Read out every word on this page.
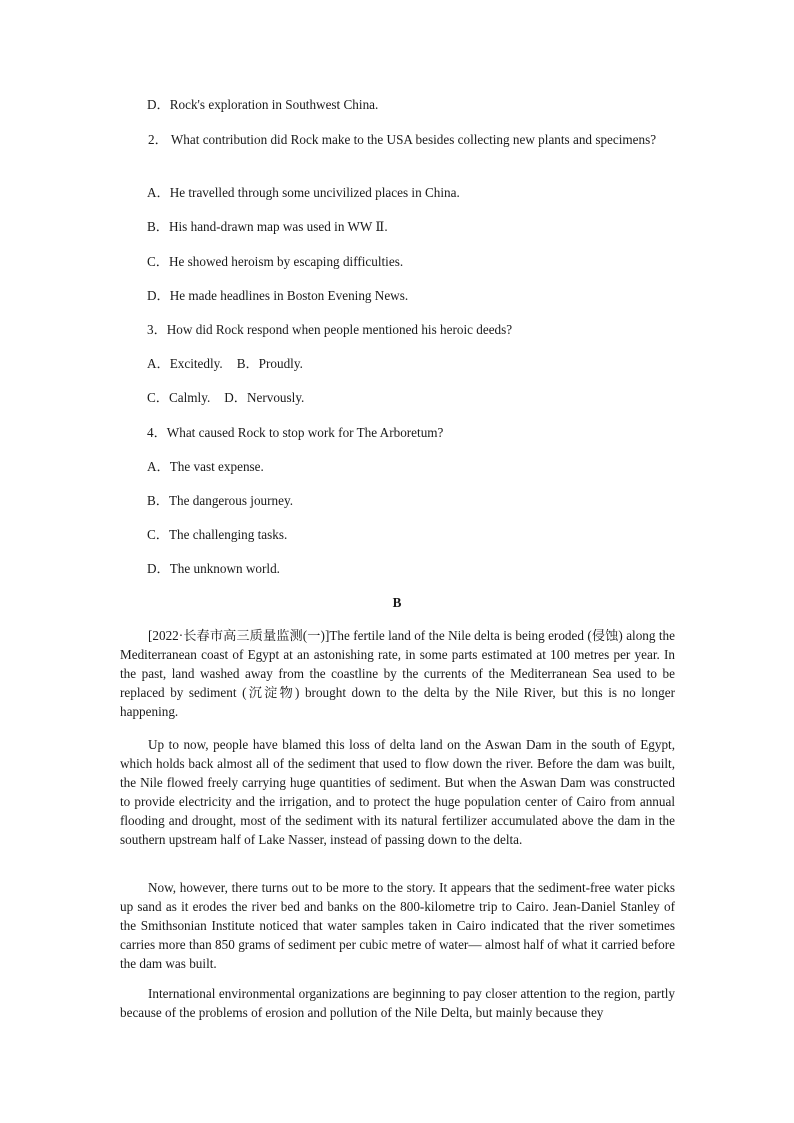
D．Rock's exploration in Southwest China.
2． What contribution did Rock make to the USA besides collecting new plants and specimens?
A．He travelled through some uncivilized places in China.
B．His hand-drawn map was used in WW Ⅱ.
C．He showed heroism by escaping difficulties.
D．He made headlines in Boston Evening News.
3．How did Rock respond when people mentioned his heroic deeds?
A．Excitedly. B．Proudly.
C．Calmly. D．Nervously.
4．What caused Rock to stop work for The Arboretum?
A．The vast expense.
B．The dangerous journey.
C．The challenging tasks.
D．The unknown world.
B
[2022·长春市高三质量监测(一)]The fertile land of the Nile delta is being eroded (侵蚀) along the Mediterranean coast of Egypt at an astonishing rate, in some parts estimated at 100 metres per year. In the past, land washed away from the coastline by the currents of the Mediterranean Sea used to be replaced by sediment (沉淀物) brought down to the delta by the Nile River, but this is no longer happening.
Up to now, people have blamed this loss of delta land on the Aswan Dam in the south of Egypt, which holds back almost all of the sediment that used to flow down the river. Before the dam was built, the Nile flowed freely carrying huge quantities of sediment. But when the Aswan Dam was constructed to provide electricity and the irrigation, and to protect the huge population center of Cairo from annual flooding and drought, most of the sediment with its natural fertilizer accumulated above the dam in the southern upstream half of Lake Nasser, instead of passing down to the delta.
Now, however, there turns out to be more to the story. It appears that the sediment-free water picks up sand as it erodes the river bed and banks on the 800-kilometre trip to Cairo. Jean-Daniel Stanley of the Smithsonian Institute noticed that water samples taken in Cairo indicated that the river sometimes carries more than 850 grams of sediment per cubic metre of water— almost half of what it carried before the dam was built.
International environmental organizations are beginning to pay closer attention to the region, partly because of the problems of erosion and pollution of the Nile Delta, but mainly because they
